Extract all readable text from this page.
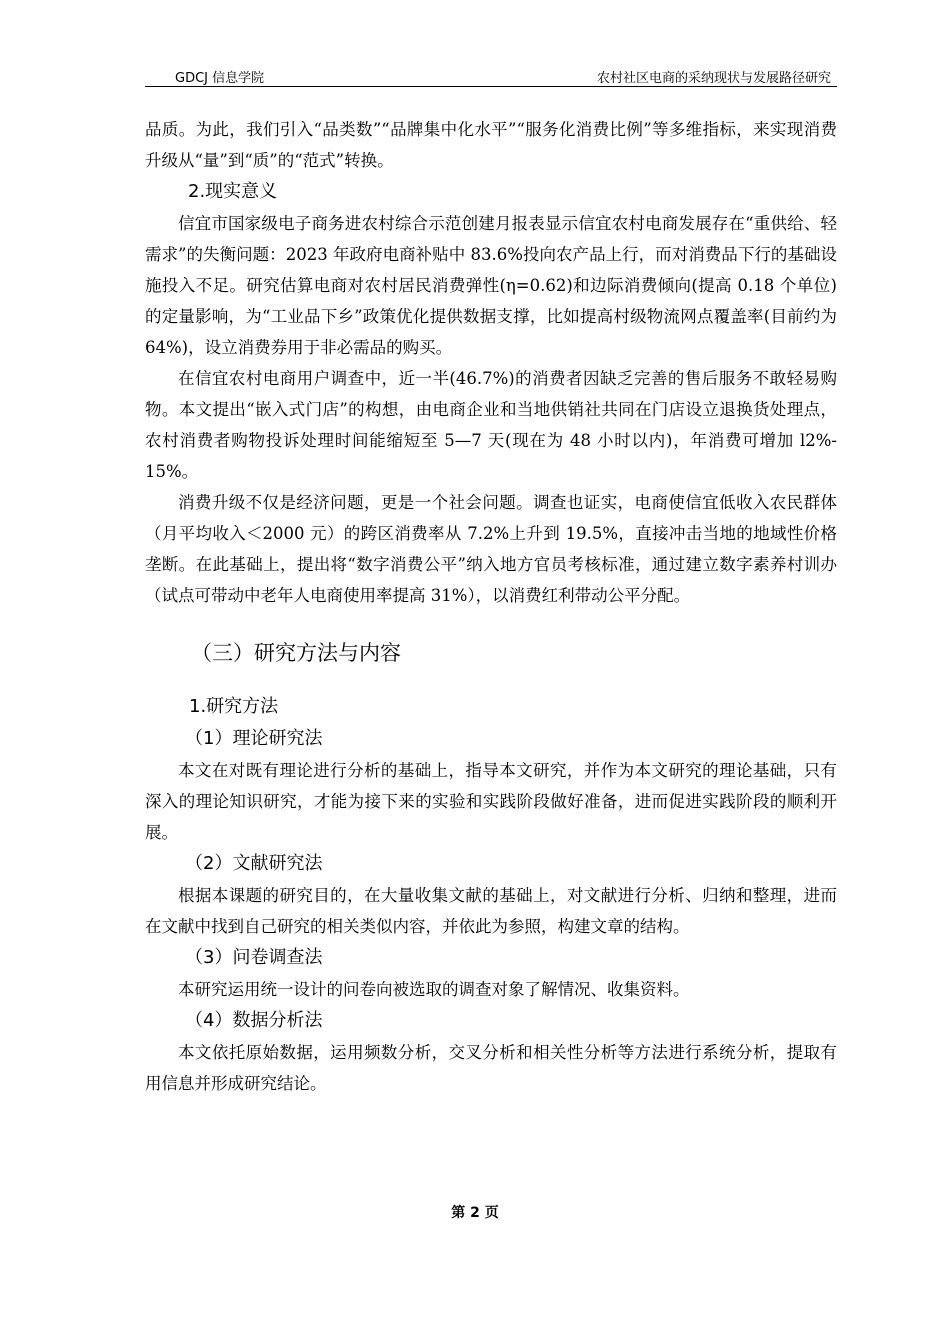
GDCJ 信息学院	农村社区电商的采纳现状与发展路径研究

品质。为此，我们引入“品类数”“品牌集中化水平”“服务化消费比例”等多维指标，来实现消费升级从“量”到“质”的“范式”转换。

2.现实意义

信宜市国家级电子商务进农村综合示范创建月报表显示信宜农村电商发展存在“重供给、轻需求”的失衡问题：2023 年政府电商补贴中 83.6%投向农产品上行，而对消费品下行的基础设施投入不足。研究估算电商对农村居民消费弹性(η=0.62)和边际消费倾向(提高 0.18 个单位)的定量影响，为“工业品下乡”政策优化提供数据支撑，比如提高村级物流网点覆盖率(目前约为 64%)，设立消费券用于非必需品的购买。

在信宜农村电商用户调查中，近一半(46.7%)的消费者因缺乏完善的售后服务不敢轻易购物。本文提出“嵌入式门店”的构想，由电商企业和当地供销社共同在门店设立退换货处理点，农村消费者购物投诉处理时间能缩短至 5—7 天(现在为 48 小时以内)，年消费可增加 l2%- 15%。

消费升级不仅是经济问题，更是一个社会问题。调查也证实，电商使信宜低收入农民群体（月平均收入＜2000 元）的跨区消费率从 7.2%上升到 19.5%，直接冲击当地的地域性价格垄断。在此基础上，提出将“数字消费公平”纳入地方官员考核标准，通过建立数字素养村训办（试点可带动中老年人电商使用率提高 31%），以消费红利带动公平分配。

（三）研究方法与内容

1.研究方法

（1）理论研究法

本文在对既有理论进行分析的基础上，指导本文研究，并作为本文研究的理论基础，只有深入的理论知识研究，才能为接下来的实验和实践阶段做好准备，进而促进实践阶段的顺利开展。

（2）文献研究法

根据本课题的研究目的，在大量收集文献的基础上，对文献进行分析、归纳和整理，进而在文献中找到自己研究的相关类似内容，并依此为参照，构建文章的结构。

（3）问卷调查法

本研究运用统一设计的问卷向被选取的调查对象了解情况、收集资料。

（4）数据分析法

本文依托原始数据，运用频数分析，交叉分析和相关性分析等方法进行系统分析，提取有用信息并形成研究结论。

第 2 页
